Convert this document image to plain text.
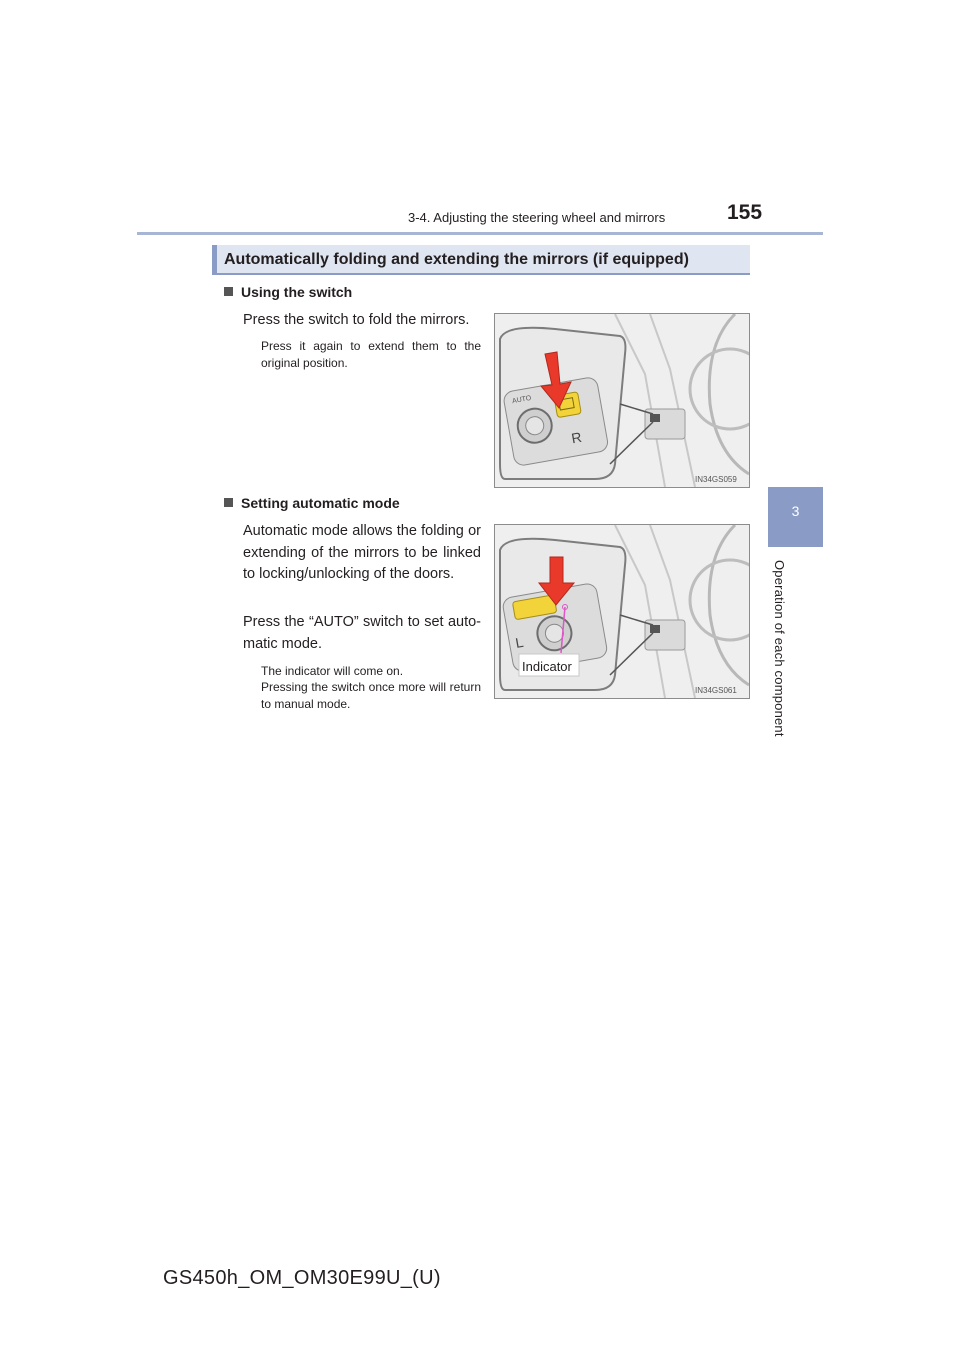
3-4. Adjusting the steering wheel and mirrors	155
3
Operation of each component
Automatically folding and extending the mirrors (if equipped)
Using the switch
Press the switch to fold the mirrors.
Press it again to extend them to the original position.
R
AUTO
IN34GS059
Setting automatic mode
Automatic mode allows the folding or extending of the mirrors to be linked to locking/unlocking of the doors.
Press the “AUTO” switch to set auto-matic mode.
The indicator will come on.
Pressing the switch once more will return to manual mode.
L
Indicator
IN34GS061
GS450h_OM_OM30E99U_(U)
